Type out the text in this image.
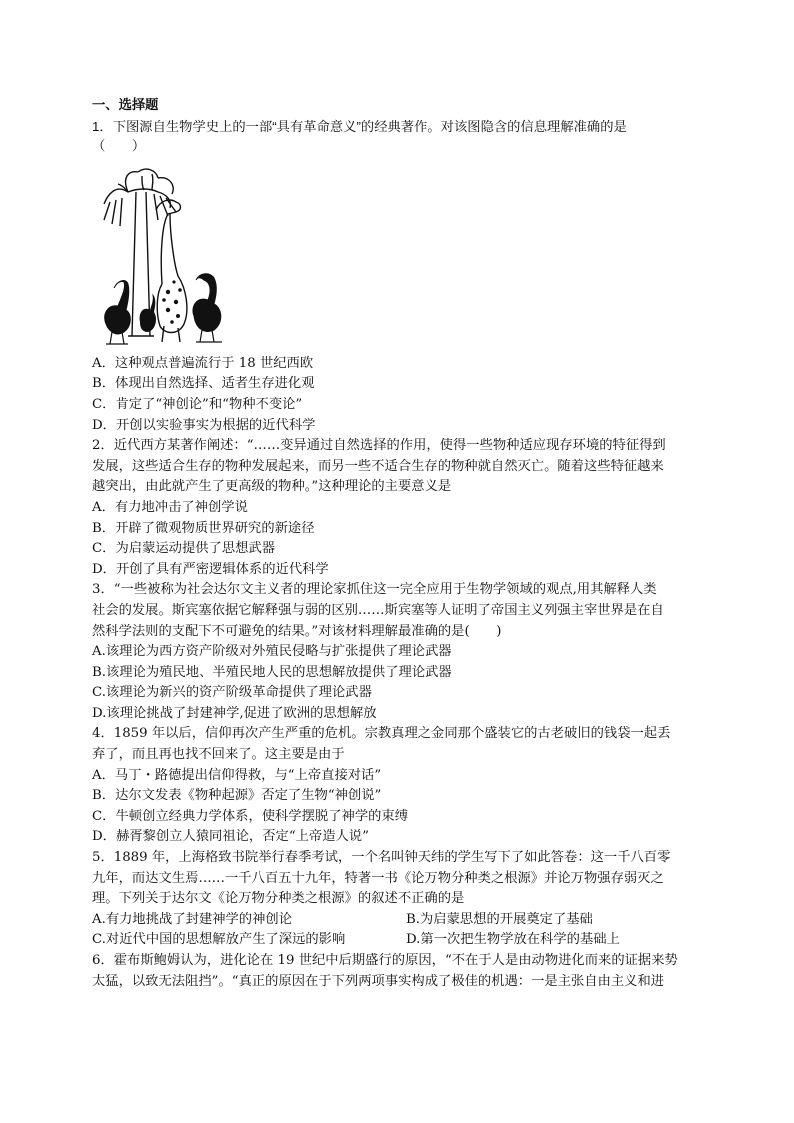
一、选择题
1．下图源自生物学史上的一部“具有革命意义”的经典著作。对该图隐含的信息理解准确的是
（　　）
A．这种观点普遍流行于 18 世纪西欧
B．体现出自然选择、适者生存进化观
C．肯定了“神创论”和“物种不变论”
D．开创以实验事实为根据的近代科学
2．近代西方某著作阐述：“……变异通过自然选择的作用，使得一些物种适应现存环境的特征得到
发展，这些适合生存的物种发展起来，而另一些不适合生存的物种就自然灭亡。随着这些特征越来
越突出，由此就产生了更高级的物种。”这种理论的主要意义是
A．有力地冲击了神创学说
B．开辟了微观物质世界研究的新途径
C．为启蒙运动提供了思想武器
D．开创了具有严密逻辑体系的近代科学
3．“一些被称为社会达尔文主义者的理论家抓住这一完全应用于生物学领域的观点,用其解释人类
社会的发展。斯宾塞依据它解释强与弱的区别……斯宾塞等人证明了帝国主义列强主宰世界是在自
然科学法则的支配下不可避免的结果。”对该材料理解最准确的是(　　)
A.该理论为西方资产阶级对外殖民侵略与扩张提供了理论武器
B.该理论为殖民地、半殖民地人民的思想解放提供了理论武器
C.该理论为新兴的资产阶级革命提供了理论武器
D.该理论挑战了封建神学,促进了欧洲的思想解放
4．1859 年以后，信仰再次产生严重的危机。宗教真理之金同那个盛装它的古老破旧的钱袋一起丢
弃了，而且再也找不回来了。这主要是由于
A．马丁・路德提出信仰得救，与“上帝直接对话”
B．达尔文发表《物种起源》否定了生物“神创说”
C．牛顿创立经典力学体系，使科学摆脱了神学的束缚
D．赫胥黎创立人猿同祖论，否定“上帝造人说”
5．1889 年，上海格致书院举行春季考试，一个名叫钟天纬的学生写下了如此答卷：这一千八百零
九年，而达文生焉……一千八百五十九年，特著一书《论万物分种类之根源》并论万物强存弱灭之
理。下列关于达尔文《论万物分种类之根源》的叙述不正确的是
A.有力地挑战了封建神学的神创论	B.为启蒙思想的开展奠定了基础
C.对近代中国的思想解放产生了深远的影响	D.第一次把生物学放在科学的基础上
6．霍布斯鲍姆认为，进化论在 19 世纪中后期盛行的原因，“不在于人是由动物进化而来的证据来势
太猛，以致无法阻挡”。“真正的原因在于下列两项事实构成了极佳的机遇：一是主张自由主义和进
